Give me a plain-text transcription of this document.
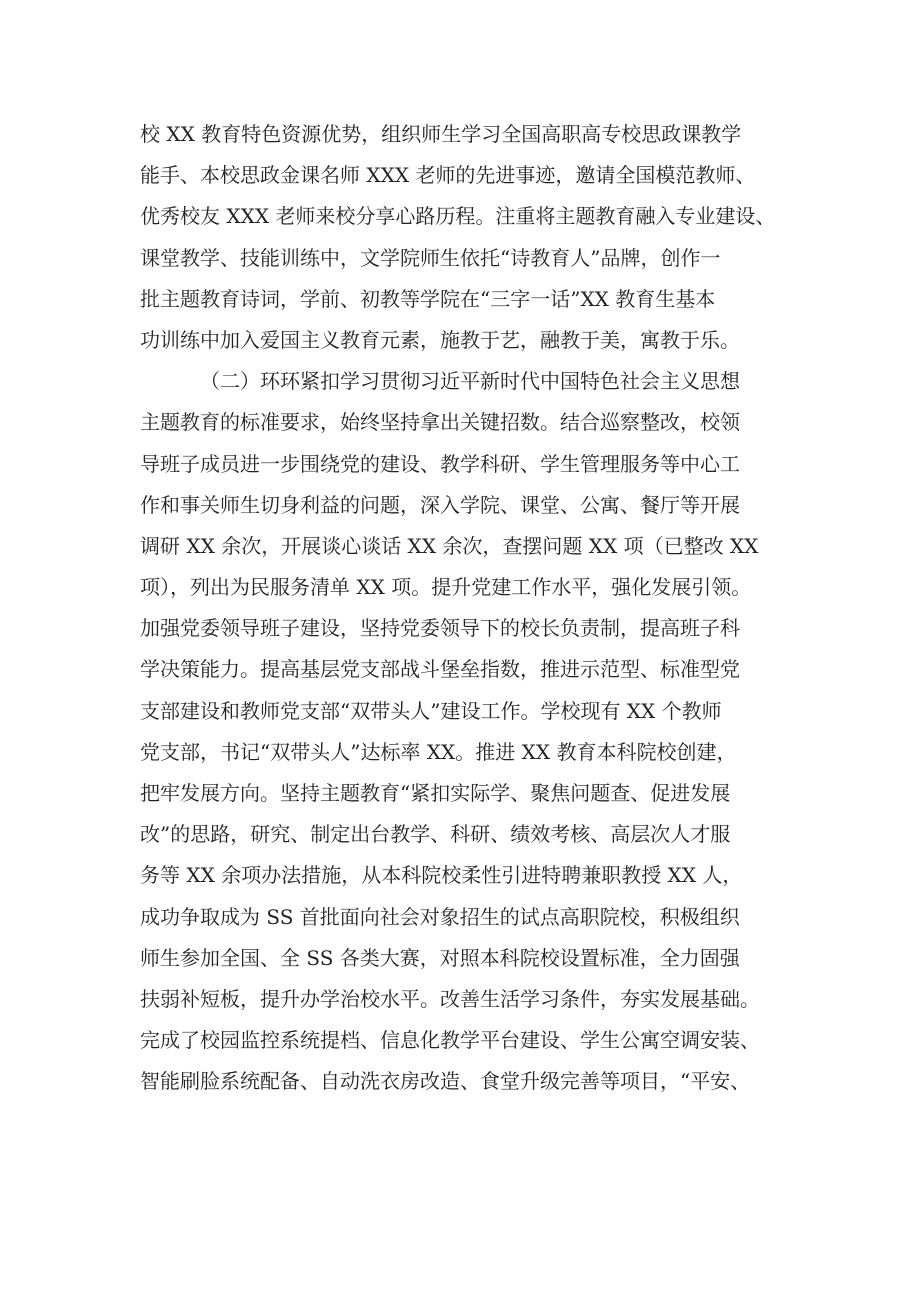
校 XX 教育特色资源优势，组织师生学习全国高职高专校思政课教学
能手、本校思政金课名师 XXX 老师的先进事迹，邀请全国模范教师、
优秀校友 XXX 老师来校分享心路历程。注重将主题教育融入专业建设、
课堂教学、技能训练中，文学院师生依托“诗教育人”品牌，创作一
批主题教育诗词，学前、初教等学院在“三字一话”XX 教育生基本
功训练中加入爱国主义教育元素，施教于艺，融教于美，寓教于乐。
（二）环环紧扣学习贯彻习近平新时代中国特色社会主义思想
主题教育的标准要求，始终坚持拿出关键招数。结合巡察整改，校领
导班子成员进一步围绕党的建设、教学科研、学生管理服务等中心工
作和事关师生切身利益的问题，深入学院、课堂、公寓、餐厅等开展
调研 XX 余次，开展谈心谈话 XX 余次，查摆问题 XX 项（已整改 XX
项），列出为民服务清单 XX 项。提升党建工作水平，强化发展引领。
加强党委领导班子建设，坚持党委领导下的校长负责制，提高班子科
学决策能力。提高基层党支部战斗堡垒指数，推进示范型、标准型党
支部建设和教师党支部“双带头人”建设工作。学校现有 XX 个教师
党支部，书记“双带头人”达标率 XX。推进 XX 教育本科院校创建，
把牢发展方向。坚持主题教育“紧扣实际学、聚焦问题查、促进发展
改”的思路，研究、制定出台教学、科研、绩效考核、高层次人才服
务等 XX 余项办法措施，从本科院校柔性引进特聘兼职教授 XX 人，
成功争取成为 SS 首批面向社会对象招生的试点高职院校，积极组织
师生参加全国、全 SS 各类大赛，对照本科院校设置标准，全力固强
扶弱补短板，提升办学治校水平。改善生活学习条件，夯实发展基础。
完成了校园监控系统提档、信息化教学平台建设、学生公寓空调安装、
智能刷脸系统配备、自动洗衣房改造、食堂升级完善等项目，“平安、
